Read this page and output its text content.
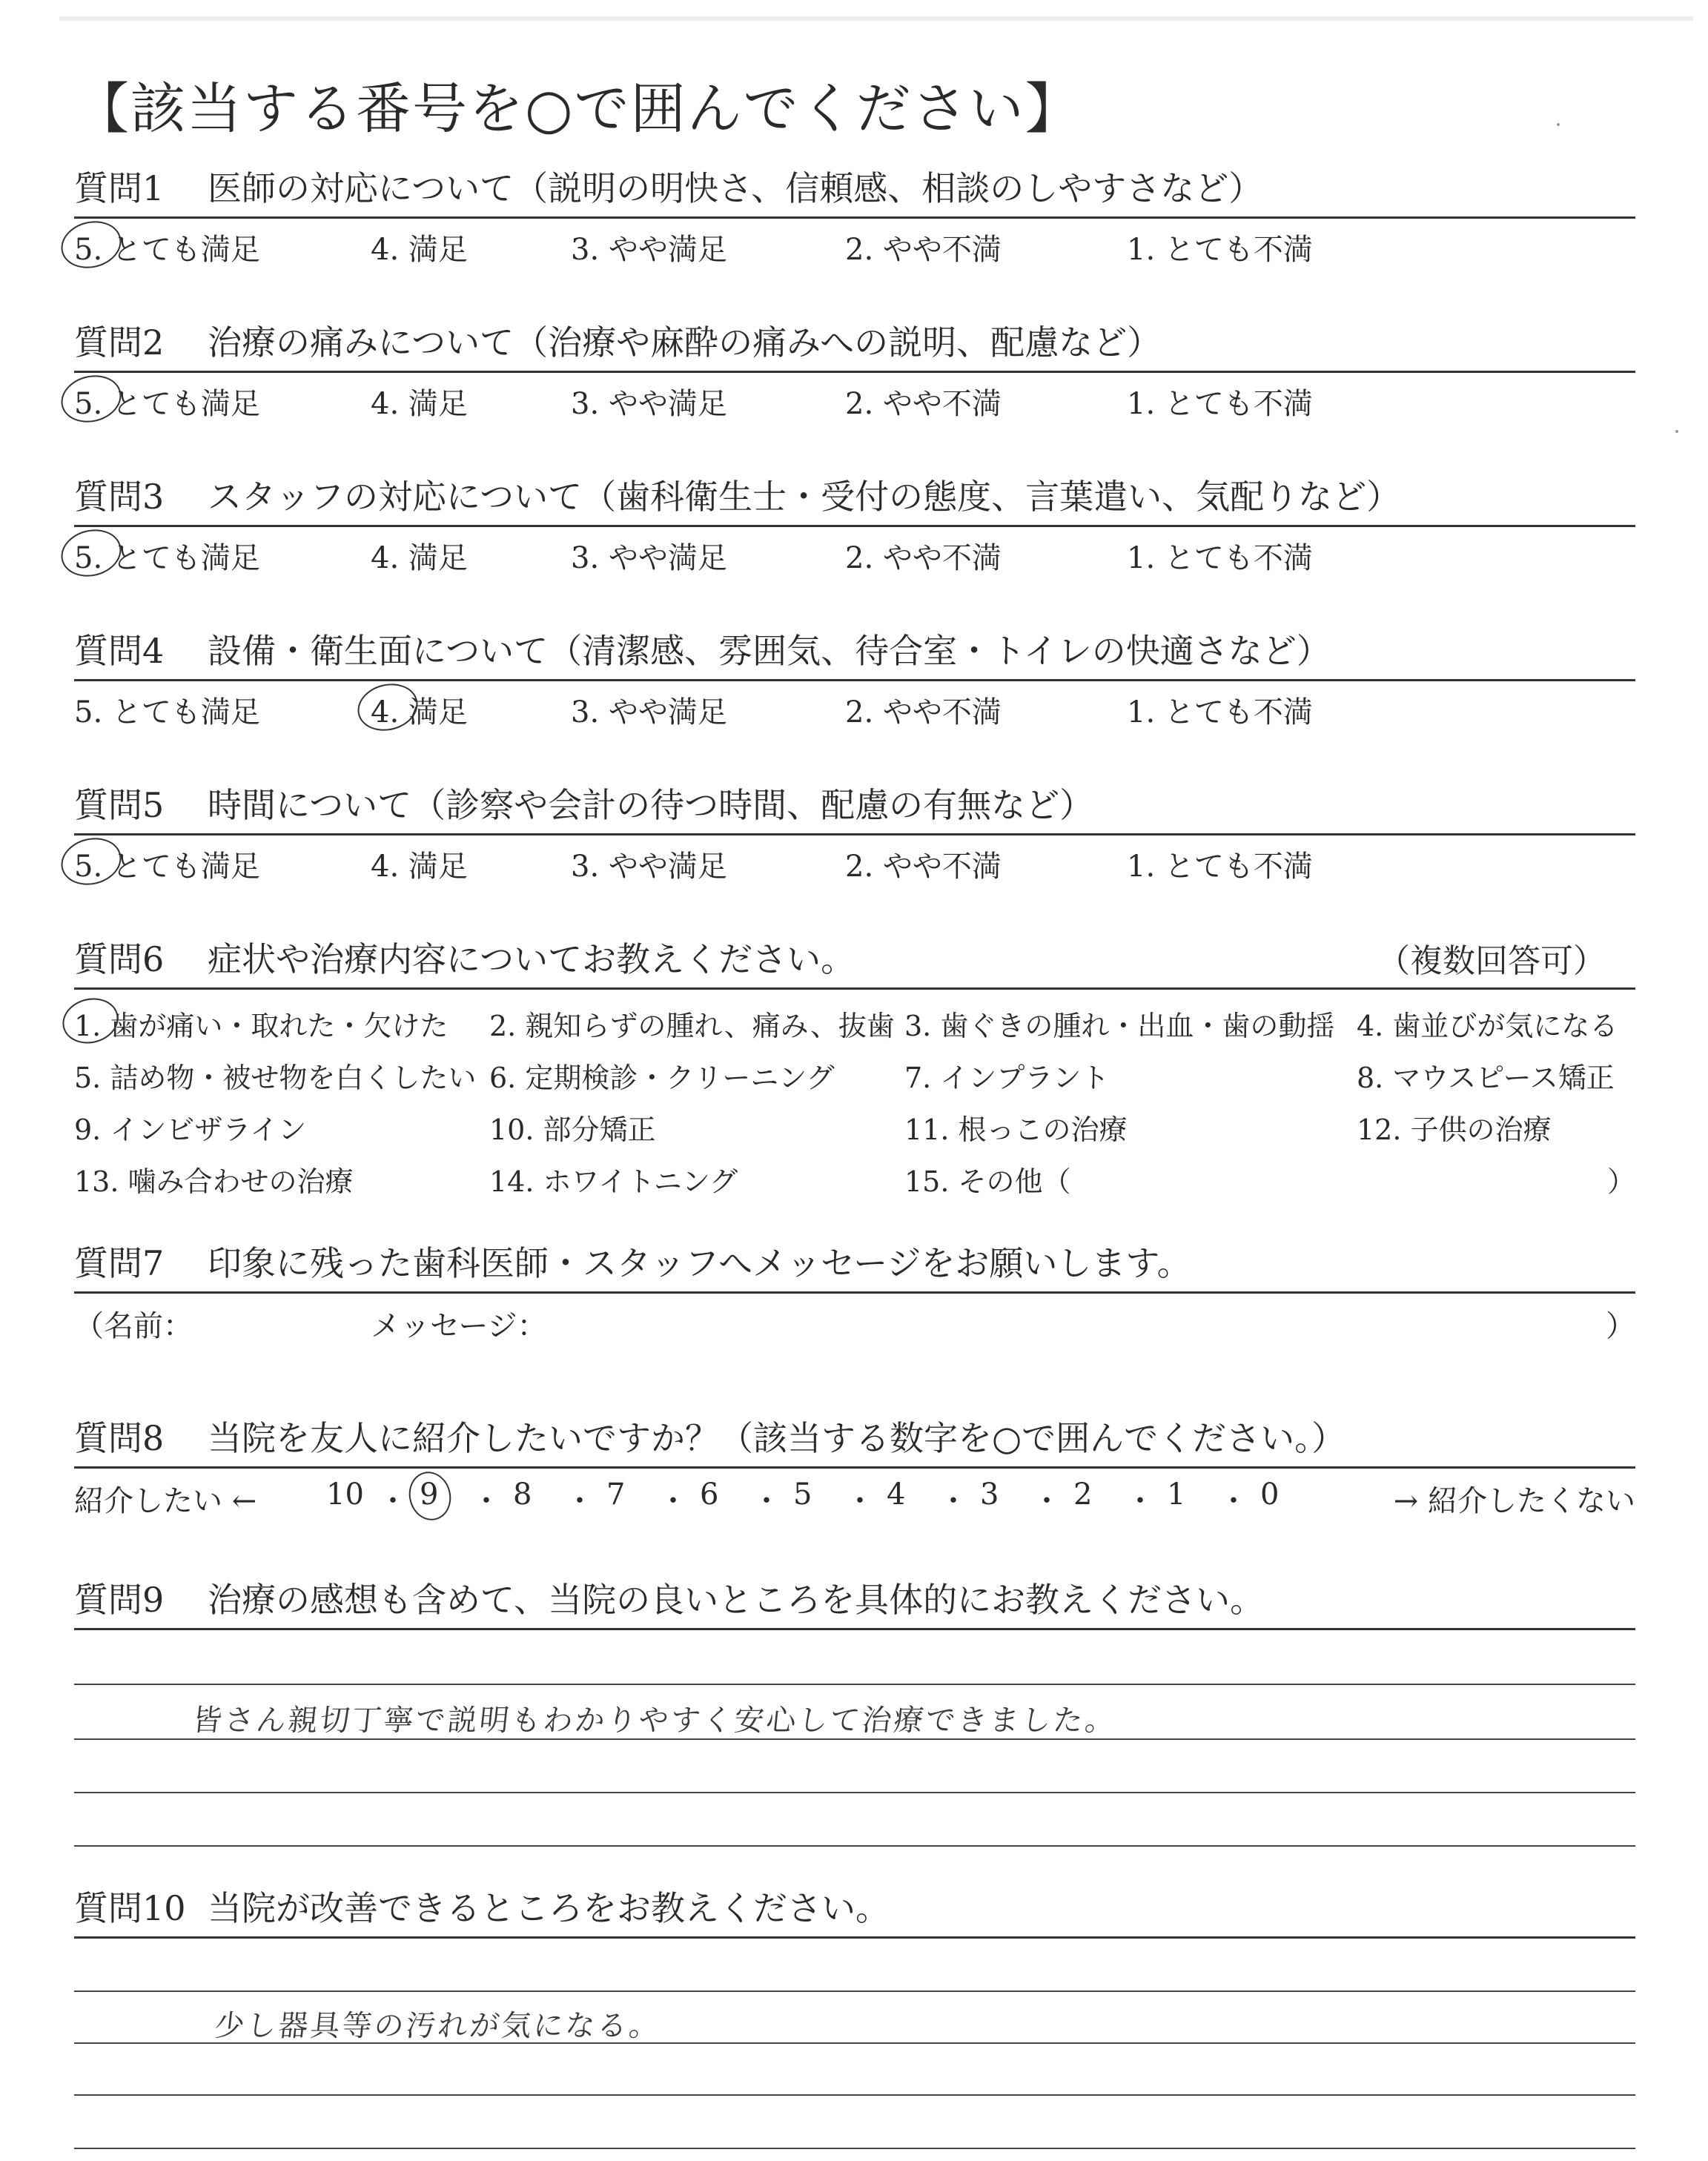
【該当する番号を○で囲んでください】
質問1 医師の対応について（説明の明快さ、信頼感、相談のしやすさなど）
5. とても満足	4. 満足	3. やや満足	2. やや不満	1. とても不満
質問2 治療の痛みについて（治療や麻酔の痛みへの説明、配慮など）
5. とても満足	4. 満足	3. やや満足	2. やや不満	1. とても不満
質問3 スタッフの対応について（歯科衛生士・受付の態度、言葉遣い、気配りなど）
5. とても満足	4. 満足	3. やや満足	2. やや不満	1. とても不満
質問4 設備・衛生面について（清潔感、雰囲気、待合室・トイレの快適さなど）
5. とても満足	4. 満足	3. やや満足	2. やや不満	1. とても不満
質問5 時間について（診察や会計の待つ時間、配慮の有無など）
5. とても満足	4. 満足	3. やや満足	2. やや不満	1. とても不満
質問6 症状や治療内容についてお教えください。	（複数回答可）
1. 歯が痛い・取れた・欠けた 2. 親知らずの腫れ、痛み、抜歯 3. 歯ぐきの腫れ・出血・歯の動揺 4. 歯並びが気になる
5. 詰め物・被せ物を白くしたい 6. 定期検診・クリーニング 7. インプラント	8. マウスピース矯正
9. インビザライン	10. 部分矯正	11. 根っこの治療	12. 子供の治療
13. 噛み合わせの治療	14. ホワイトニング	15. その他（	）
質問7 印象に残った歯科医師・スタッフへメッセージをお願いします。
（名前：	メッセージ：	）
質問8 当院を友人に紹介したいですか？（該当する数字を○で囲んでください。）
紹介したい ←	→ 紹介したくない
10 ・ 9 ・ 8 ・ 7 ・ 6 ・ 5 ・ 4 ・ 3 ・ 2 ・ 1 ・ 0
質問9 治療の感想も含めて、当院の良いところを具体的にお教えください。
皆さん親切丁寧で説明もわかりやすく安心して治療できました。
質問10 当院が改善できるところをお教えください。
少し器具等の汚れが気になる。
